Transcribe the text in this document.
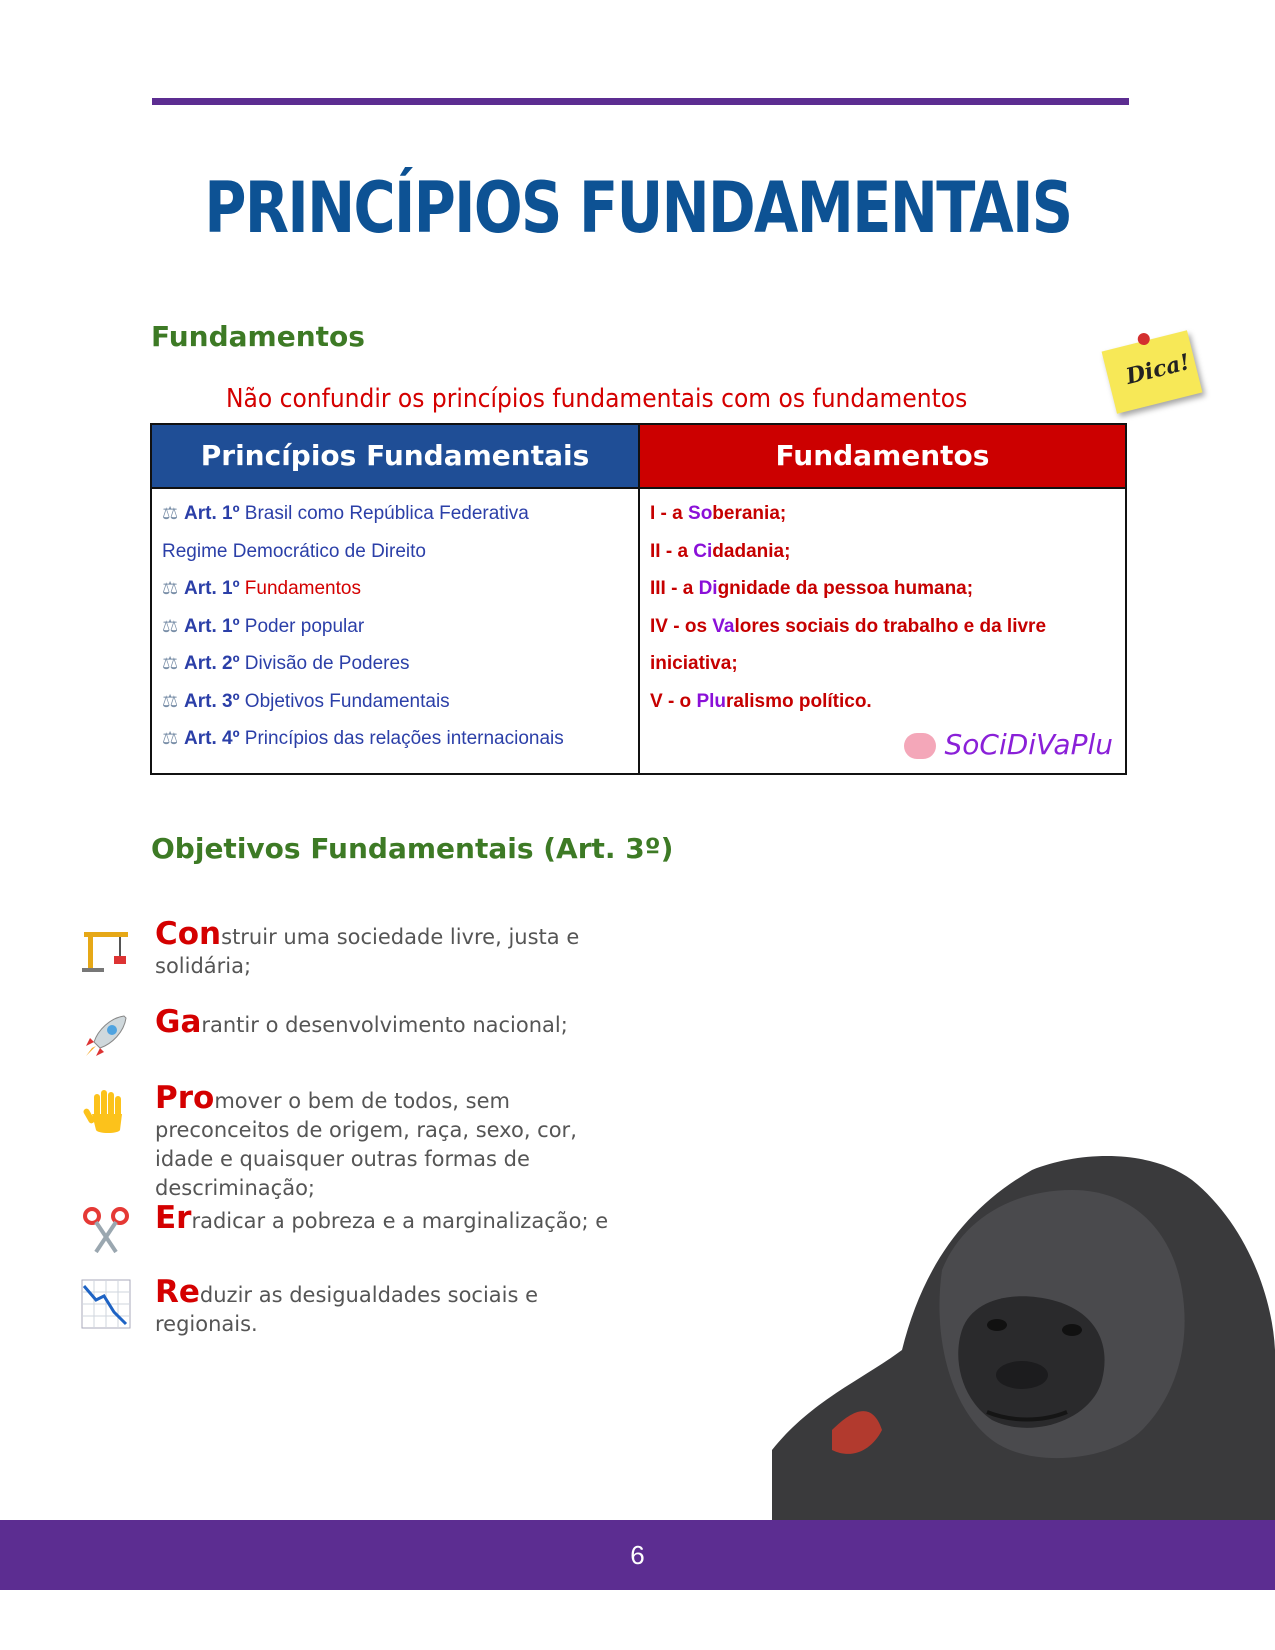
PRINCÍPIOS FUNDAMENTAIS
Fundamentos
Não confundir os princípios fundamentais com os fundamentos
Dica!
Princípios Fundamentais
⚖ Art. 1º Brasil como República Federativa
Regime Democrático de Direito
⚖ Art. 1º Fundamentos
⚖ Art. 1º Poder popular
⚖ Art. 2º Divisão de Poderes
⚖ Art. 3º Objetivos Fundamentais
⚖ Art. 4º Princípios das relações internacionais
Fundamentos
I - a Soberania;
II - a Cidadania;
III - a Dignidade da pessoa humana;
IV - os Valores sociais do trabalho e da livre
iniciativa;
V - o Pluralismo político.
SoCiDiVaPlu
Objetivos Fundamentais (Art. 3º)
Construir uma sociedade livre, justa e solidária;
Garantir o desenvolvimento nacional;
Promover o bem de todos, sem preconceitos de origem, raça, sexo, cor, idade e quaisquer outras formas de descriminação;
Erradicar a pobreza e a marginalização; e
Reduzir as desigualdades sociais e regionais.
6
